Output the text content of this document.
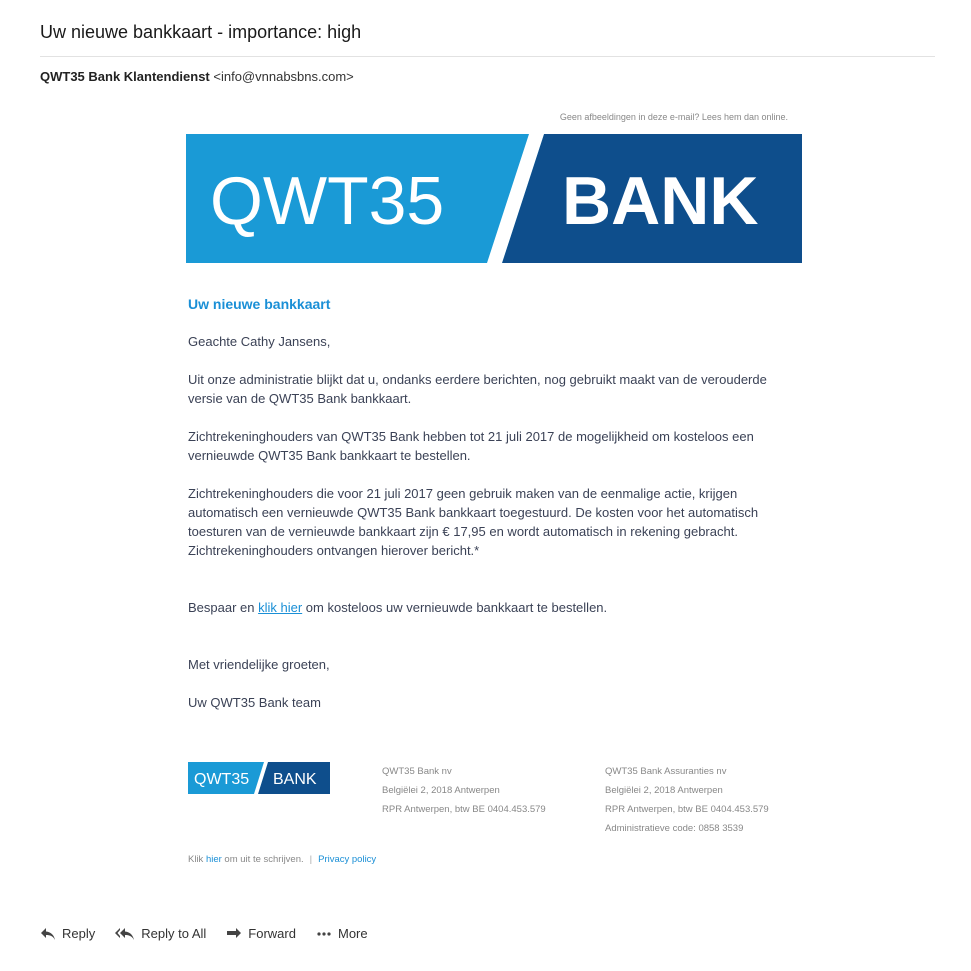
Uw nieuwe bankkaart - importance: high
QWT35 Bank Klantendienst <info@vnnabsbns.com>
Geen afbeeldingen in deze e-mail? Lees hem dan online.
QWT35 BANK
Uw nieuwe bankkaart

Geachte Cathy Jansens,

Uit onze administratie blijkt dat u, ondanks eerdere berichten, nog gebruikt maakt van de verouderde versie van de QWT35 Bank bankkaart.

Zichtrekeninghouders van QWT35 Bank hebben tot 21 juli 2017 de mogelijkheid om kosteloos een vernieuwde QWT35 Bank bankkaart te bestellen.

Zichtrekeninghouders die voor 21 juli 2017 geen gebruik maken van de eenmalige actie, krijgen automatisch een vernieuwde QWT35 Bank bankkaart toegestuurd. De kosten voor het automatisch toesturen van de vernieuwde bankkaart zijn € 17,95 en wordt automatisch in rekening gebracht. Zichtrekeninghouders ontvangen hierover bericht.*

Bespaar en klik hier om kosteloos uw vernieuwde bankkaart te bestellen.

Met vriendelijke groeten,

Uw QWT35 Bank team

QWT35 BANK	QWT35 Bank nv
Belgiëlei 2, 2018 Antwerpen
RPR Antwerpen, btw BE 0404.453.579
QWT35 Bank Assuranties nv
Belgiëlei 2, 2018 Antwerpen
RPR Antwerpen, btw BE 0404.453.579
Administratieve code: 0858 3539
Klik hier om uit te schrijven. | Privacy policy
Reply	Reply to All	Forward	More
